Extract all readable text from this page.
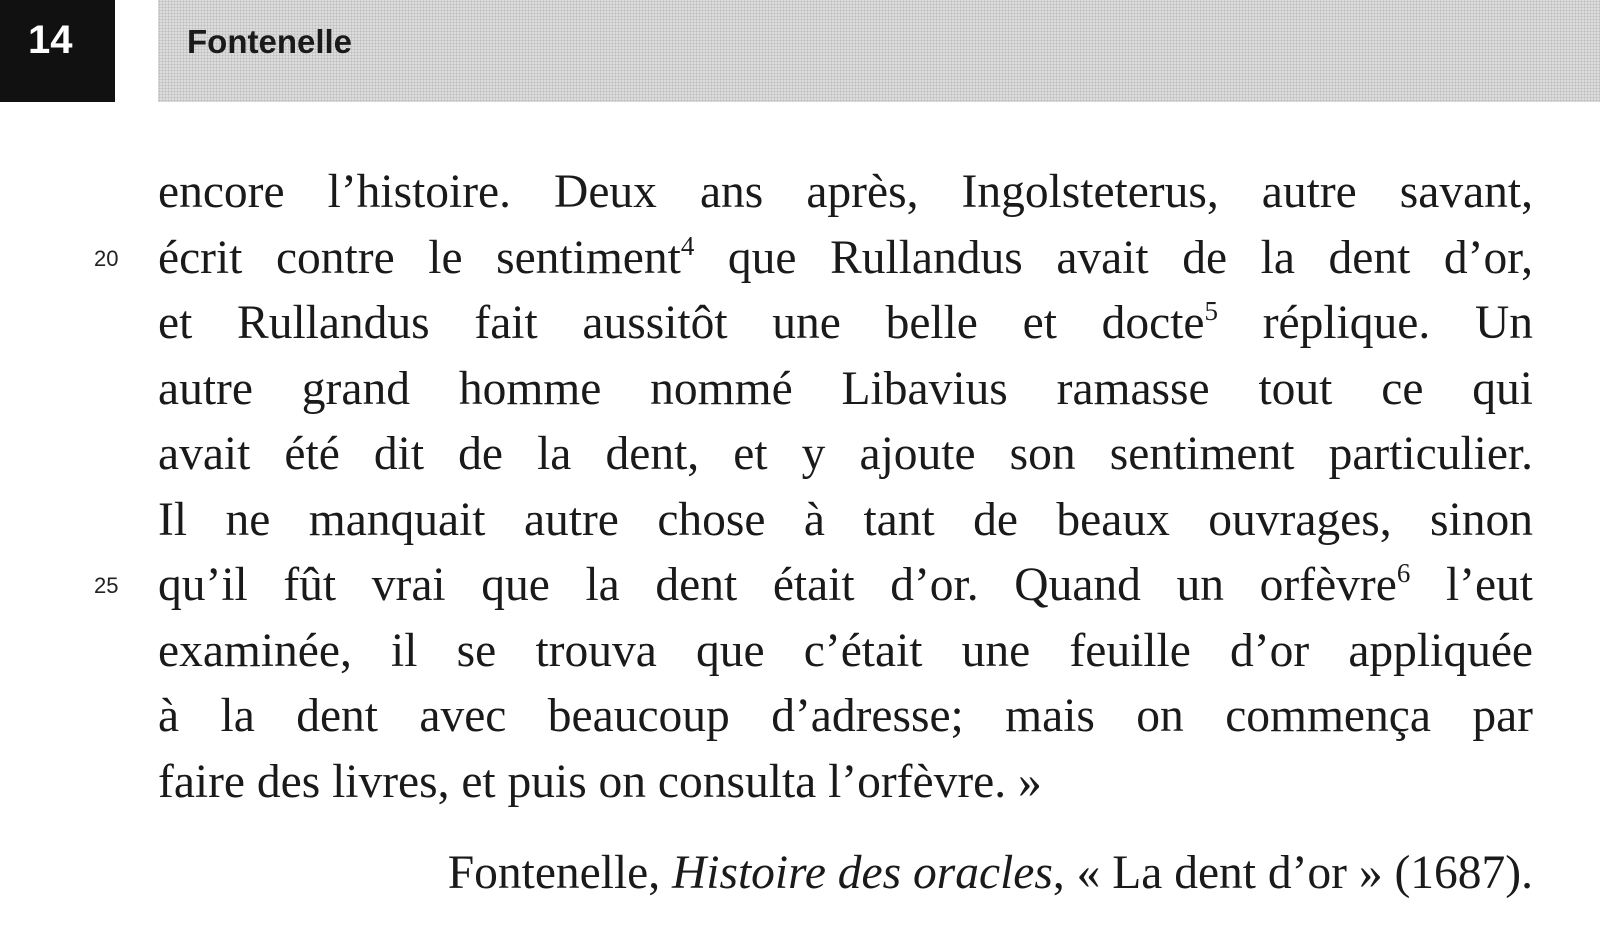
14	Fontenelle
encore l’histoire. Deux ans après, Ingolsteterus, autre savant,
20 écrit contre le sentiment$^4$ que Rullandus avait de la dent d’or,
et Rullandus fait aussitôt une belle et docte$^5$ réplique. Un
autre grand homme nommé Libavius ramasse tout ce qui
avait été dit de la dent, et y ajoute son sentiment particulier.
Il ne manquait autre chose à tant de beaux ouvrages, sinon
25 qu’il fût vrai que la dent était d’or. Quand un orfèvre$^6$ l’eut
examinée, il se trouva que c’était une feuille d’or appliquée
à la dent avec beaucoup d’adresse; mais on commença par
faire des livres, et puis on consulta l’orfèvre. »
Fontenelle, Histoire des oracles, « La dent d’or » (1687).
